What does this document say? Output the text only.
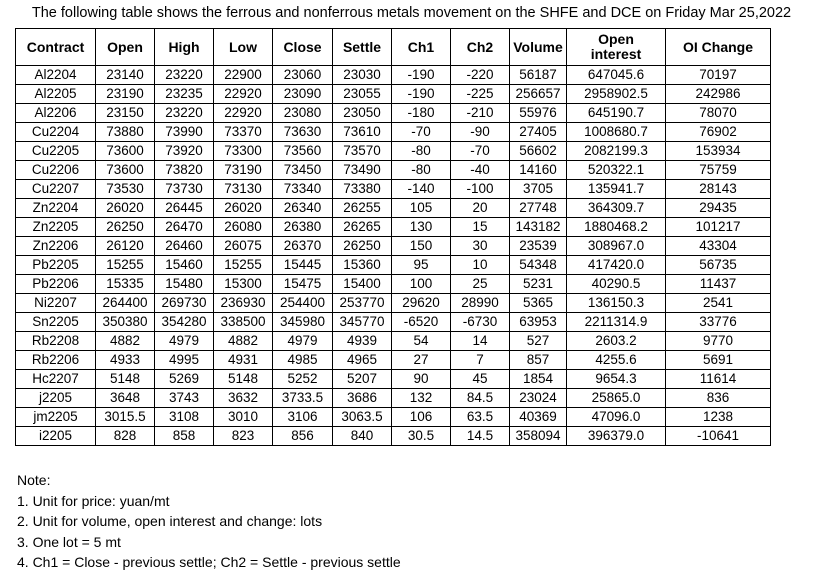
The following table shows the ferrous and nonferrous metals movement on the SHFE and DCE on Friday Mar 25,2022
Contract	Open	High	Low	Close	Settle	Ch1	Ch2	Volume	Open interest	OI Change
Al2204	23140	23220	22900	23060	23030	-190	-220	56187	647045.6	70197
Al2205	23190	23235	22920	23090	23055	-190	-225	256657	2958902.5	242986
Al2206	23150	23220	22920	23080	23050	-180	-210	55976	645190.7	78070
Cu2204	73880	73990	73370	73630	73610	-70	-90	27405	1008680.7	76902
Cu2205	73600	73920	73300	73560	73570	-80	-70	56602	2082199.3	153934
Cu2206	73600	73820	73190	73450	73490	-80	-40	14160	520322.1	75759
Cu2207	73530	73730	73130	73340	73380	-140	-100	3705	135941.7	28143
Zn2204	26020	26445	26020	26340	26255	105	20	27748	364309.7	29435
Zn2205	26250	26470	26080	26380	26265	130	15	143182	1880468.2	101217
Zn2206	26120	26460	26075	26370	26250	150	30	23539	308967.0	43304
Pb2205	15255	15460	15255	15445	15360	95	10	54348	417420.0	56735
Pb2206	15335	15480	15300	15475	15400	100	25	5231	40290.5	11437
Ni2207	264400	269730	236930	254400	253770	29620	28990	5365	136150.3	2541
Sn2205	350380	354280	338500	345980	345770	-6520	-6730	63953	2211314.9	33776
Rb2208	4882	4979	4882	4979	4939	54	14	527	2603.2	9770
Rb2206	4933	4995	4931	4985	4965	27	7	857	4255.6	5691
Hc2207	5148	5269	5148	5252	5207	90	45	1854	9654.3	11614
j2205	3648	3743	3632	3733.5	3686	132	84.5	23024	25865.0	836
jm2205	3015.5	3108	3010	3106	3063.5	106	63.5	40369	47096.0	1238
i2205	828	858	823	856	840	30.5	14.5	358094	396379.0	-10641
Note:
1. Unit for price: yuan/mt
2. Unit for volume, open interest and change: lots
3. One lot = 5 mt
4. Ch1 = Close - previous settle; Ch2 = Settle - previous settle
